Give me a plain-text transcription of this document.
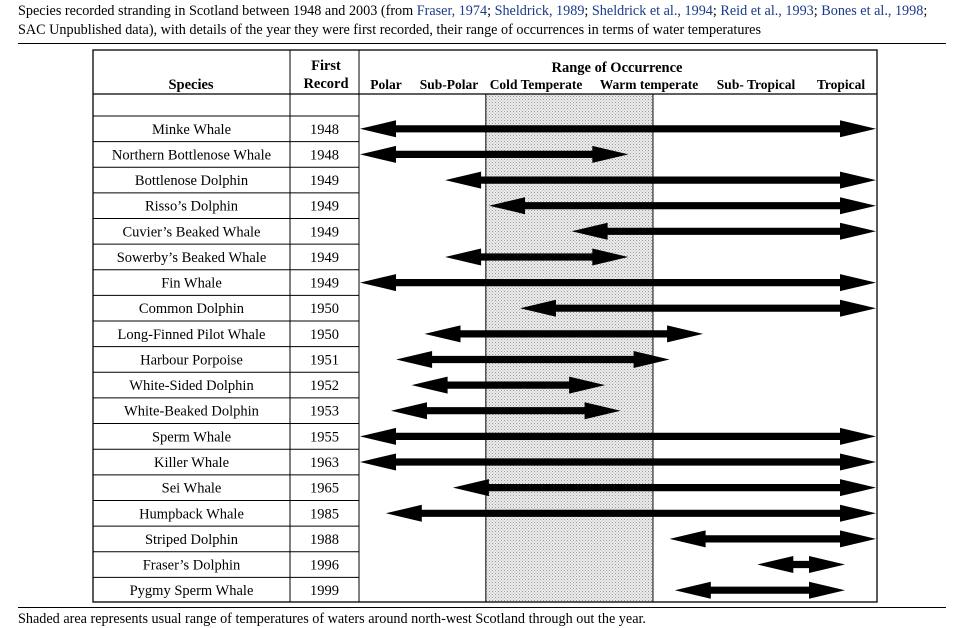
Species recorded stranding in Scotland between 1948 and 2003 (from Fraser, 1974; Sheldrick, 1989; Sheldrick et al., 1994; Reid et al., 1993; Bones et al., 1998; SAC Unpublished data), with details of the year they were first recorded, their range of occurrences in terms of water temperatures
Species
First
Record
Range of Occurrence
Polar Sub-Polar Cold Temperate Warm temperate Sub- Tropical Tropical
Minke Whale	1948
Northern Bottlenose Whale	1948
Bottlenose Dolphin	1949
Risso’s Dolphin	1949
Cuvier’s Beaked Whale	1949
Sowerby’s Beaked Whale	1949
Fin Whale	1949
Common Dolphin	1950
Long-Finned Pilot Whale	1950
Harbour Porpoise	1951
White-Sided Dolphin	1952
White-Beaked Dolphin	1953
Sperm Whale	1955
Killer Whale	1963
Sei Whale	1965
Humpback Whale	1985
Striped Dolphin	1988
Fraser’s Dolphin	1996
Pygmy Sperm Whale	1999
Shaded area represents usual range of temperatures of waters around north-west Scotland through out the year.
